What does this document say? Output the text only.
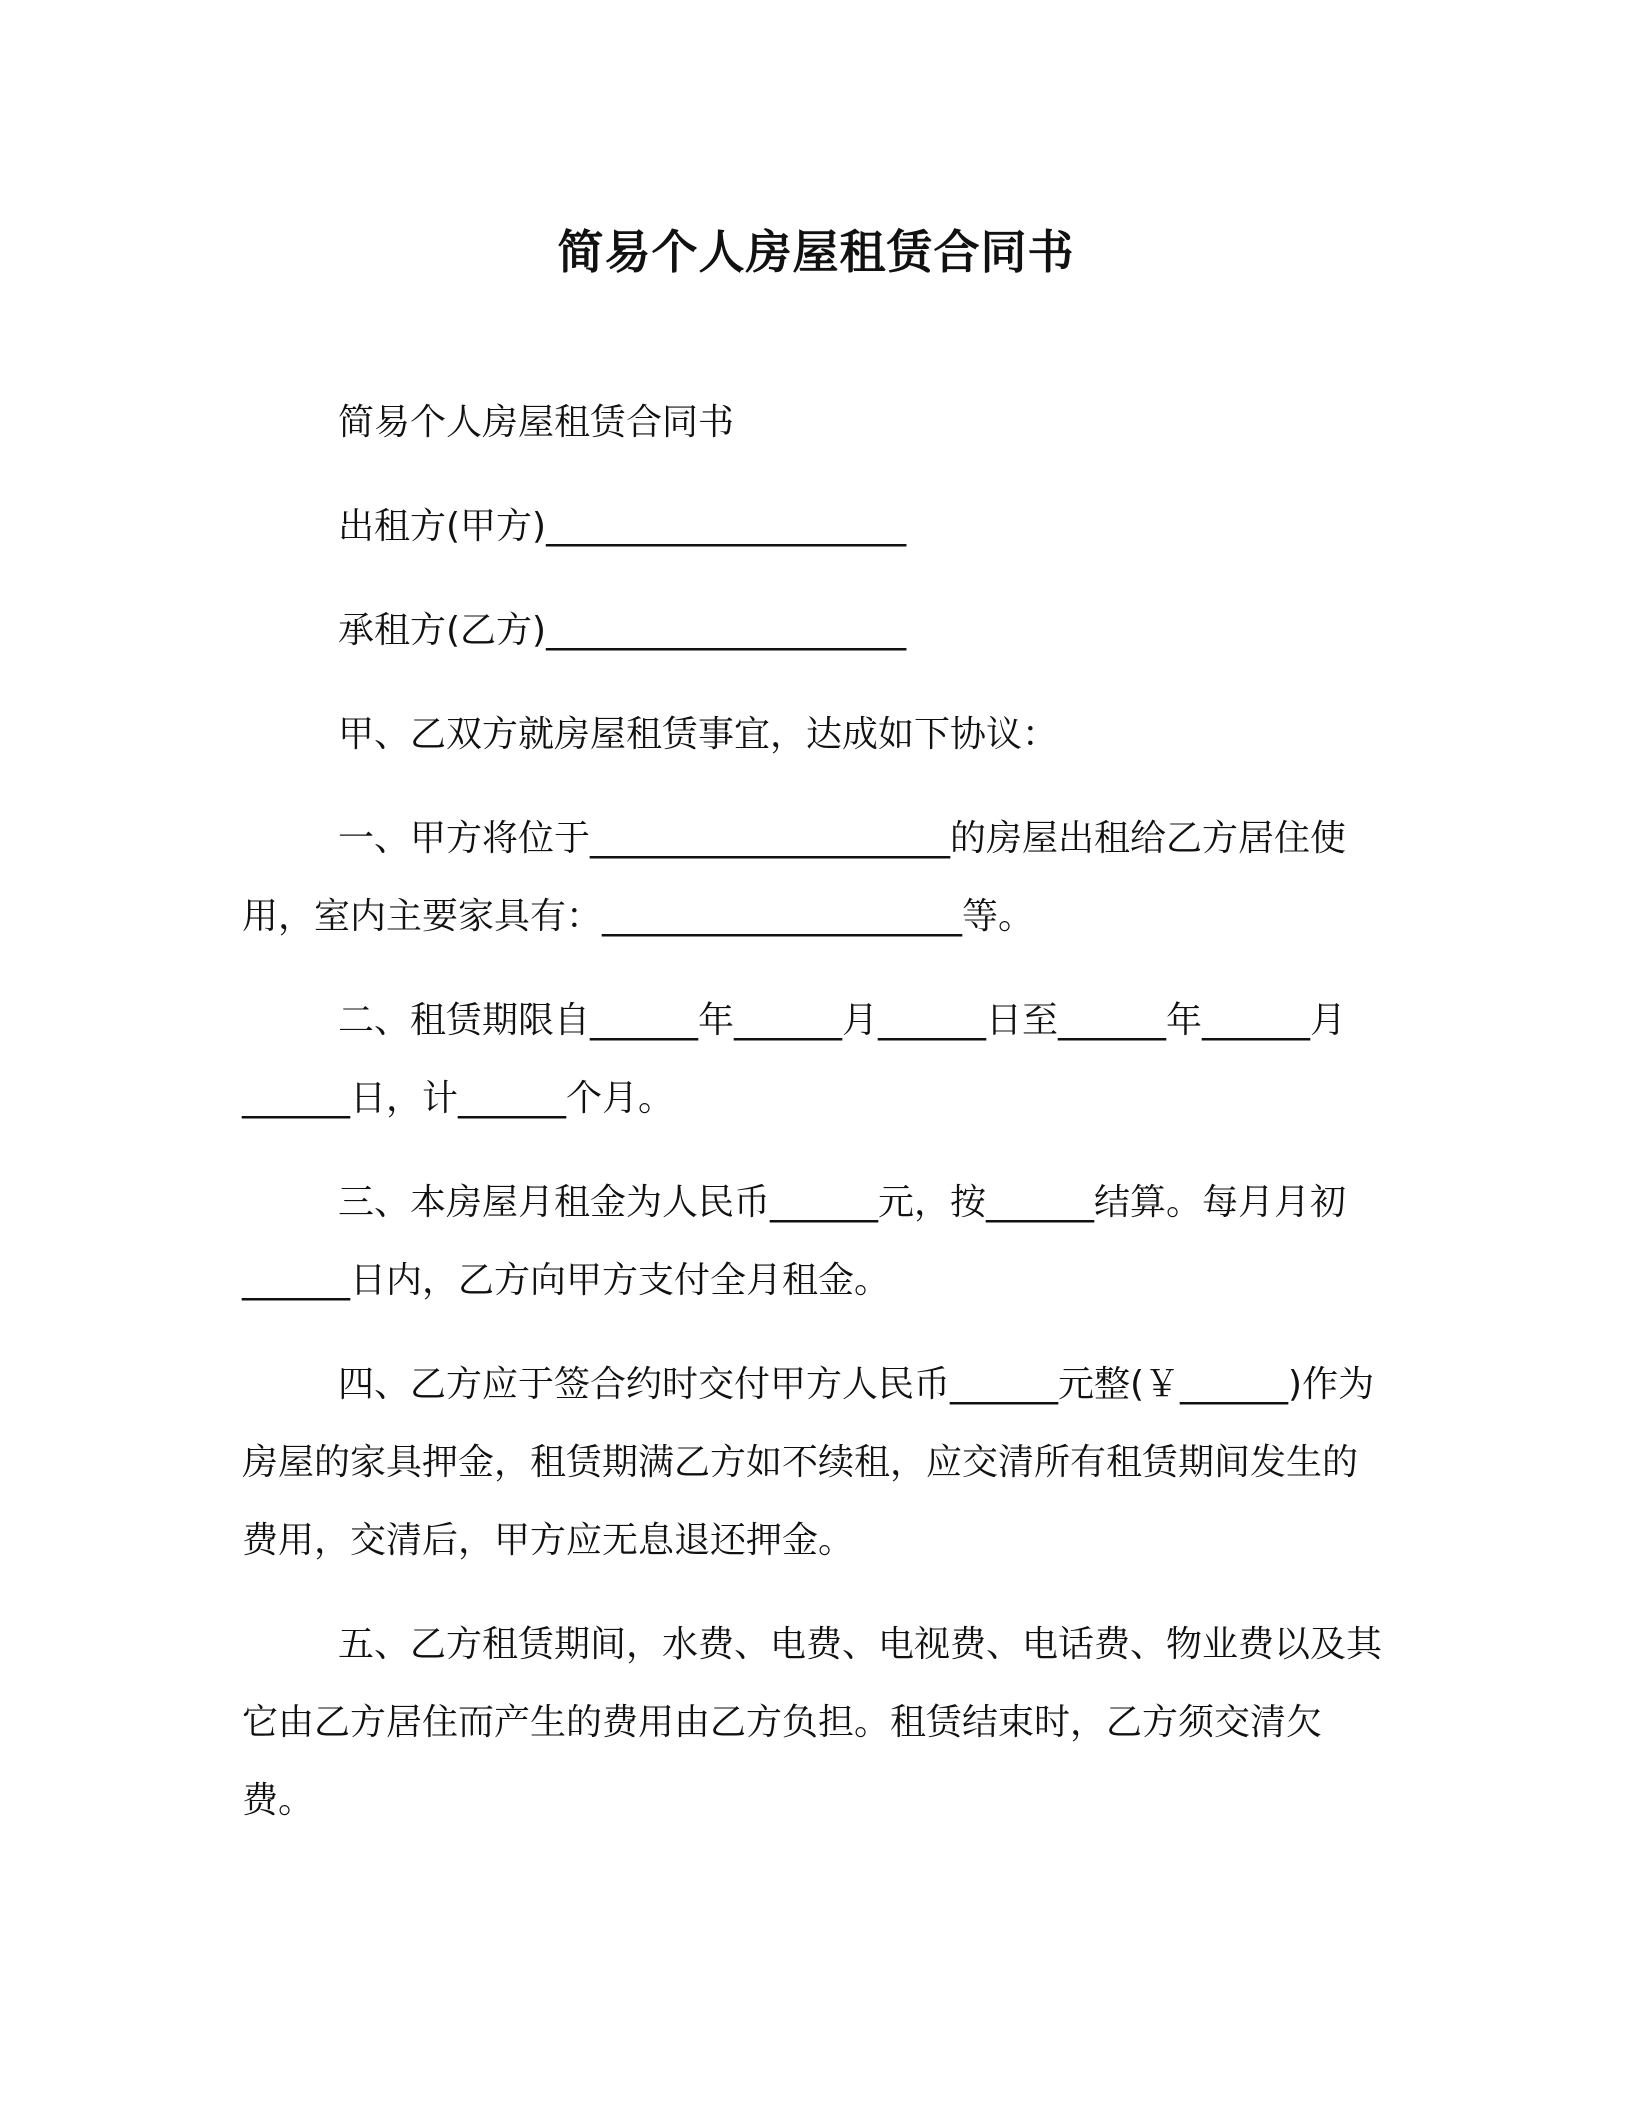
简易个人房屋租赁合同书

简易个人房屋租赁合同书

出租方(甲方)____________________

承租方(乙方)____________________

甲、乙双方就房屋租赁事宜，达成如下协议：

一、甲方将位于____________________的房屋出租给乙方居住使用，室内主要家具有：____________________等。

二、租赁期限自______年______月______日至______年______月______日，计______个月。

三、本房屋月租金为人民币______元，按______结算。每月月初______日内，乙方向甲方支付全月租金。

四、乙方应于签合约时交付甲方人民币______元整(￥______)作为房屋的家具押金，租赁期满乙方如不续租，应交清所有租赁期间发生的费用，交清后，甲方应无息退还押金。

五、乙方租赁期间，水费、电费、电视费、电话费、物业费以及其它由乙方居住而产生的费用由乙方负担。租赁结束时，乙方须交清欠费。
